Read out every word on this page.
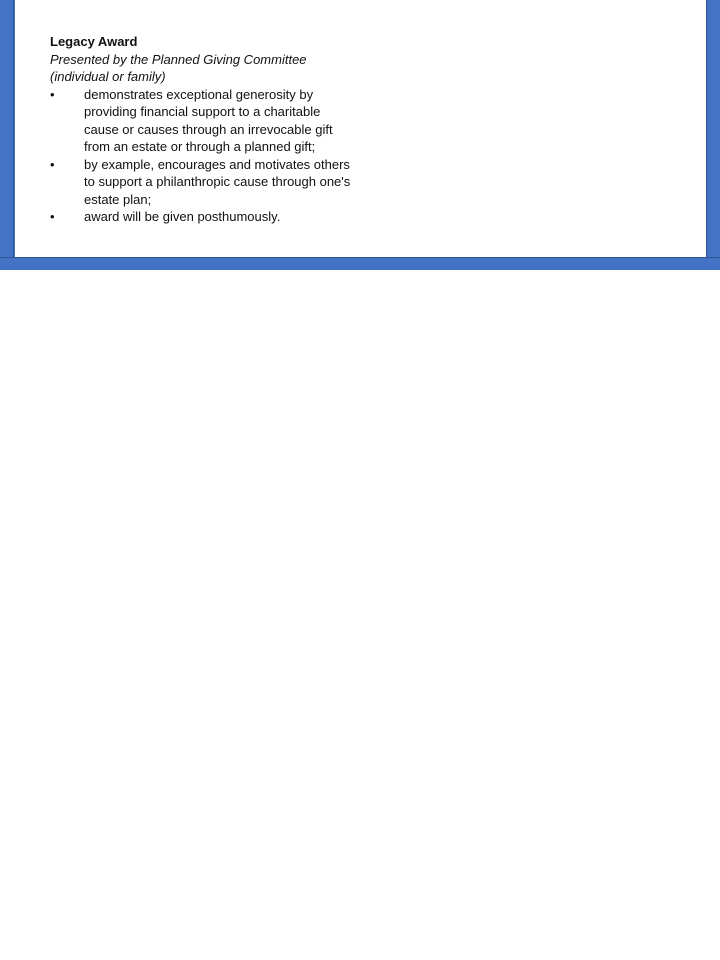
Legacy Award

Presented by the Planned Giving Committee

(individual or family)

• demonstrates exceptional generosity by providing financial support to a charitable cause or causes through an irrevocable gift from an estate or through a planned gift;
• by example, encourages and motivates others to support a philanthropic cause through one's estate plan;
• award will be given posthumously.
